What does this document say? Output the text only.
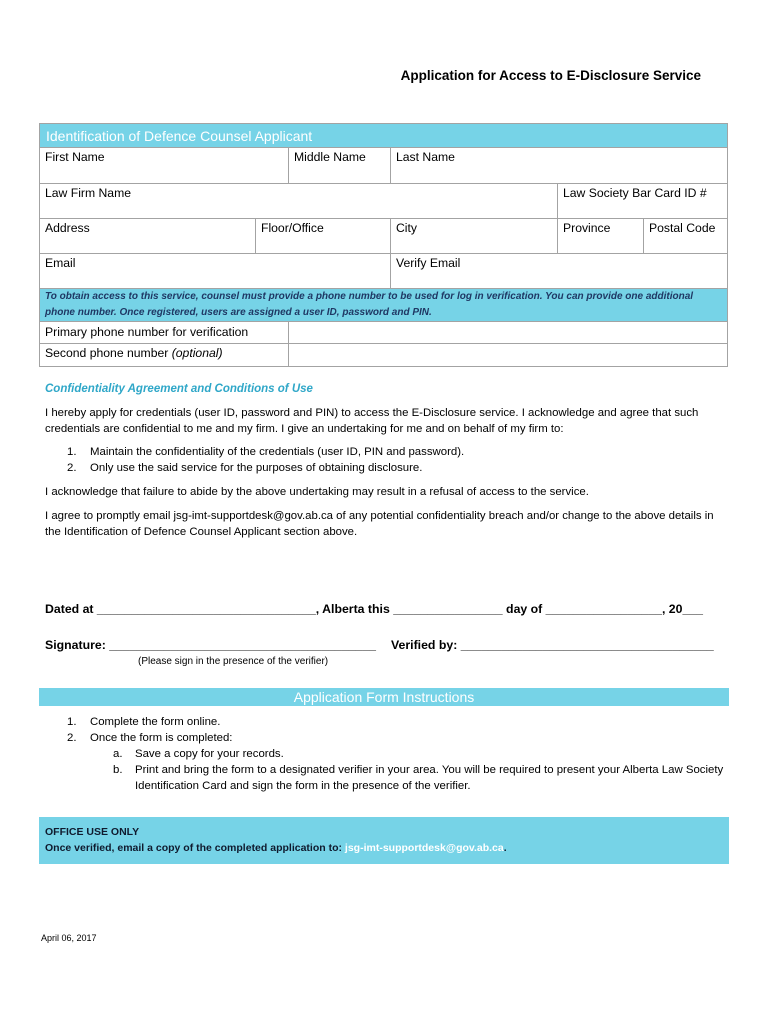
Application for Access to E-Disclosure Service
Identification of Defence Counsel Applicant
First Name	Middle Name	Last Name
Law Firm Name	Law Society Bar Card ID #
Address	Floor/Office	City	Province	Postal Code
Email	Verify Email
To obtain access to this service, counsel must provide a phone number to be used for log in verification. You can provide one additional phone number. Once registered, users are assigned a user ID, password and PIN.
Primary phone number for verification
Second phone number (optional)
Confidentiality Agreement and Conditions of Use
I hereby apply for credentials (user ID, password and PIN) to access the E-Disclosure service. I acknowledge and agree that such credentials are confidential to me and my firm. I give an undertaking for me and on behalf of my firm to:
1. Maintain the confidentiality of the credentials (user ID, PIN and password).
2. Only use the said service for the purposes of obtaining disclosure.
I acknowledge that failure to abide by the above undertaking may result in a refusal of access to the service.
I agree to promptly email jsg-imt-supportdesk@gov.ab.ca of any potential confidentiality breach and/or change to the above details in the Identification of Defence Counsel Applicant section above.
Dated at ________________________________, Alberta this ________________ day of _________________, 20___
Signature: _______________________________________ Verified by: _____________________________________
(Please sign in the presence of the verifier)
Application Form Instructions
1. Complete the form online.
2. Once the form is completed:
a. Save a copy for your records.
b. Print and bring the form to a designated verifier in your area. You will be required to present your Alberta Law Society Identification Card and sign the form in the presence of the verifier.
OFFICE USE ONLY
Once verified, email a copy of the completed application to: jsg-imt-supportdesk@gov.ab.ca.
April 06, 2017
